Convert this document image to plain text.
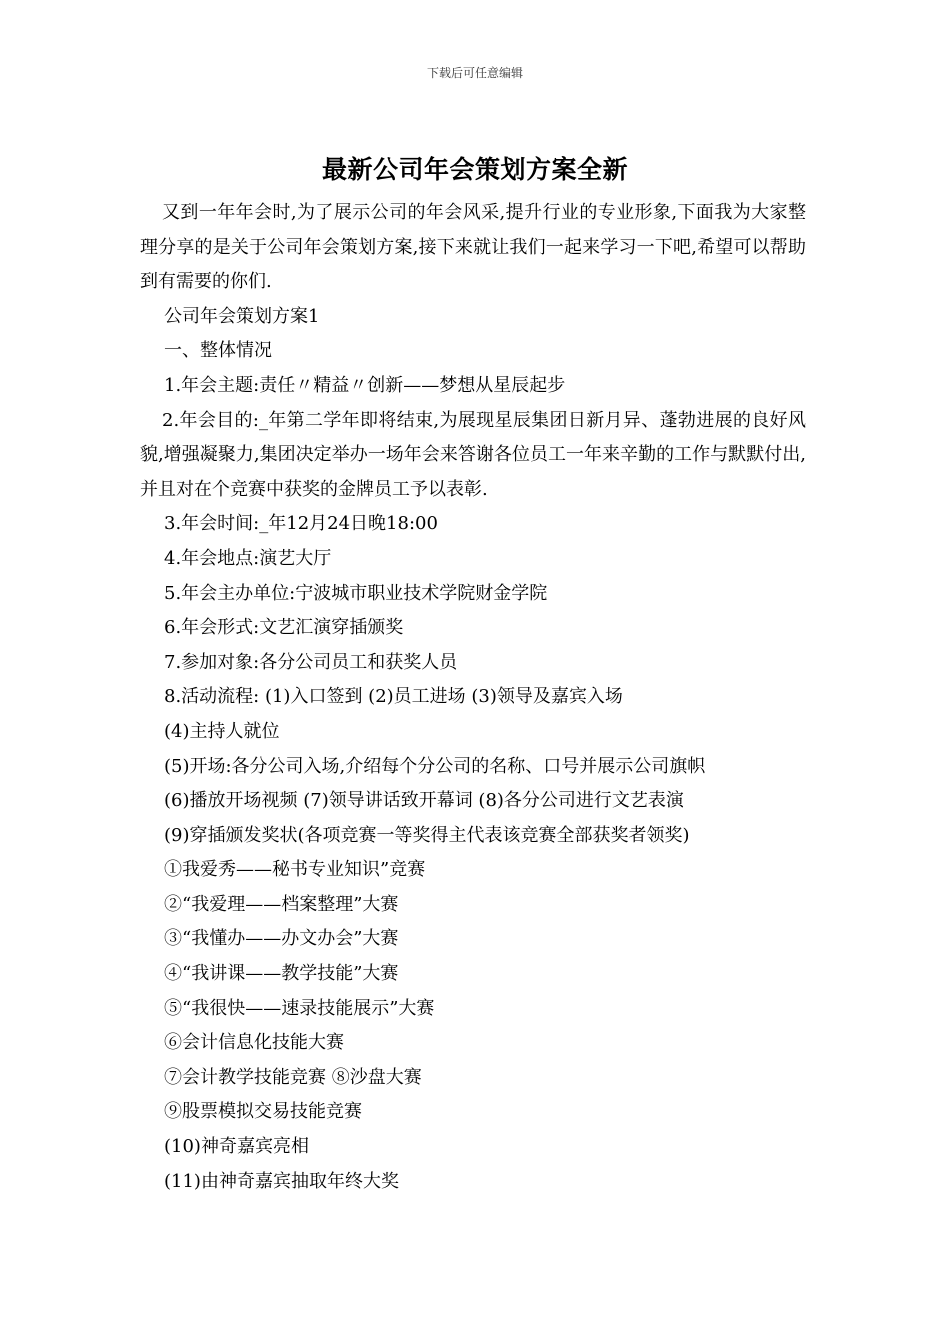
下载后可任意编辑
最新公司年会策划方案全新

又到一年年会时,为了展示公司的年会风采,提升行业的专业形象,下面我为大家整理分享的是关于公司年会策划方案,接下来就让我们一起来学习一下吧,希望可以帮助到有需要的你们.

公司年会策划方案1

一、整体情况

1.年会主题:责任〃精益〃创新——梦想从星辰起步

2.年会目的:_年第二学年即将结束,为展现星辰集团日新月异、蓬勃进展的良好风貌,增强凝聚力,集团决定举办一场年会来答谢各位员工一年来辛勤的工作与默默付出,并且对在个竞赛中获奖的金牌员工予以表彰.

3.年会时间:_年12月24日晚18:00

4.年会地点:演艺大厅

5.年会主办单位:宁波城市职业技术学院财金学院

6.年会形式:文艺汇演穿插颁奖

7.参加对象:各分公司员工和获奖人员

8.活动流程: (1)入口签到 (2)员工进场 (3)领导及嘉宾入场

(4)主持人就位

(5)开场:各分公司入场,介绍每个分公司的名称、口号并展示公司旗帜

(6)播放开场视频 (7)领导讲话致开幕词 (8)各分公司进行文艺表演

(9)穿插颁发奖状(各项竞赛一等奖得主代表该竞赛全部获奖者领奖)

①我爱秀——秘书专业知识”竞赛

②“我爱理——档案整理”大赛

③“我懂办——办文办会”大赛

④“我讲课——教学技能”大赛

⑤“我很快——速录技能展示”大赛

⑥会计信息化技能大赛

⑦会计教学技能竞赛 ⑧沙盘大赛

⑨股票模拟交易技能竞赛

(10)神奇嘉宾亮相

(11)由神奇嘉宾抽取年终大奖
